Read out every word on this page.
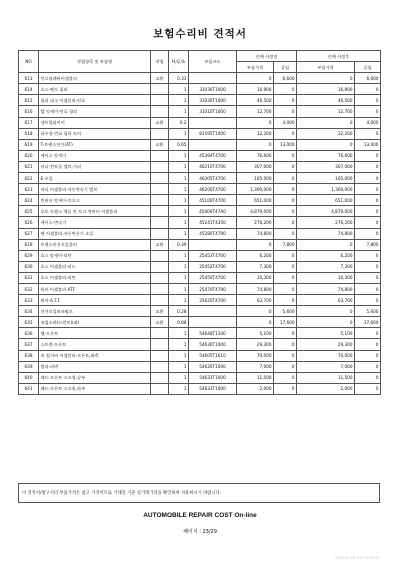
보험수리비 견적서
NO	작업항목 및 부품명	작업	H,Q,%	부품코드	손해 사정전		손해 사정후	
					부품가격	공임	부품가격	공임
613	언로딩레버어셈블리	교환	0.33		0	6,600	0	6,600
614	호스-펜프 필러		1	31036T1000	16,900	0	16,900	0
615	필러 네크 어셈블리-연료		1	31030T1000	46,500	0	46,500	0
616	캡 잇세이-연료 필러		1	31010T1000	12,700	0	12,700	0
617	센트럴와이어	교환	0.2		0	4,000	0	4,000
618	하우징-연료 필러 도어		1	81595T1000	32,200	0	32,200	0
619	T-트랜스미션(AT)	교환	0.65		0	13,000	0	13,000
620	케이스 앗세이		1	45394T4700	76,600	0	76,600	0
621	바디-컨트롤 밸브,이퍼		1	46210T4700	307,000	0	307,000	0
622	E-오일		1	46305T4700	165,000	0	165,000	0
623	바디 어셈블리-자동변속기 밸브		1	46200T4700	1,300,000	0	1,300,000	0
624	컨버터 앗세이-토오크		1	45100T4700	651,000	0	651,000	0
625	오토 트랜스 액슬 및 토크 컨버터 어셈블리		1	45000T47A0	4,879,000	0	4,879,000	0
626	케이스-변속기		1	45241T4350	276,200	0	276,200	0
627	팬 어셈블리-자동변속기 오일		1	45280T4790	74,800	0	74,800	0
628	트랜스미션오일쿨러	교환	0.39		0	7,800	0	7,800
629	호스 앗세이-리턴		1	25453T4700	6,200	0	6,200	0
630	호스 어셈블리-피드		1	25452T4700	7,300	0	7,300	0
631	호스 어셈블리-리턴		1	25450T4700	10,300	0	10,300	0
632	튜브 어셈블리-ATF		1	25470T4790	74,800	0	74,800	0
633	워머-A.T.F		1	25620T4700	63,700	0	63,700	0
634	미션오일보조펌프	교환	0.28		0	5,600	0	5,600
635	쇽업소바(프런트)(좌)	교환	0.88		0	17,600	0	17,600
636	캡-프론트		1	54648T1100	5,100	0	5,100	0
637	스트럿-프론트		1	54630T1000	29,300	0	29,300	0
638	쇽 업서버 어셈블리-프론트,좌측		1	54605T1010	70,000	0	70,000	0
639	범퍼-러버		1	54626T1000	7,000	0	7,000	0
640	패드-프론트 스프링,상부		1	54633T1000	11,500	0	11,500	0
641	패드-프론트 스프링,하부		1	54633T1000	2,000	0	2,000	0
이 견적서/청구서의 부품가격은 참고 가격이므로 거래일 기준 실거래가격을 확인하여 사용하시기 바랍니다.
AUTOMOBILE REPAIR COST On-line
페이지 : 23/29
2024-01-05 오후 04:37:17
